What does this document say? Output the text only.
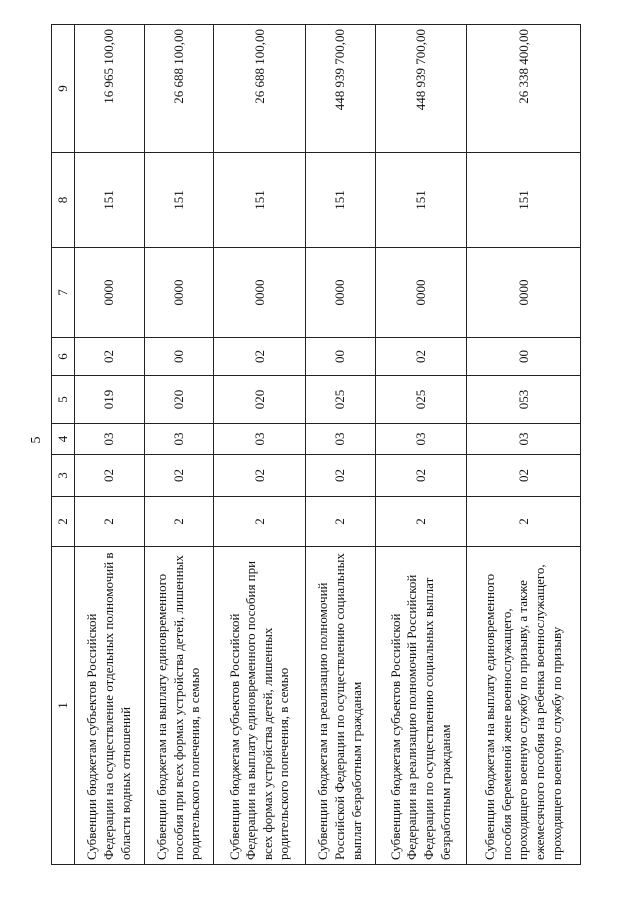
5
1	2	3	4	5	6	7	8	9
Субвенции бюджетам субъектов Российской Федерации на осуществление отдельных полномочий в области водных отношений	2	02	03	019	02	0000	151	16 965 100,00
Субвенции бюджетам на выплату единовременного пособия при всех формах устройства детей, лишенных родительского попечения, в семью	2	02	03	020	00	0000	151	26 688 100,00
Субвенции бюджетам субъектов Российской Федерации на выплату единовременного пособия при всех формах устройства детей, лишенных родительского попечения, в семью	2	02	03	020	02	0000	151	26 688 100,00
Субвенции бюджетам на реализацию полномочий Российской Федерации по осуществлению социальных выплат безработным гражданам	2	02	03	025	00	0000	151	448 939 700,00
Субвенции бюджетам субъектов Российской Федерации на реализацию полномочий Российской Федерации по осуществлению социальных выплат безработным гражданам	2	02	03	025	02	0000	151	448 939 700,00
Субвенции бюджетам на выплату единовременного пособия беременной жене военнослужащего, проходящего военную службу по призыву, а также ежемесячного пособия на ребенка военнослужащего, проходящего военную службу по призыву	2	02	03	053	00	0000	151	26 338 400,00
